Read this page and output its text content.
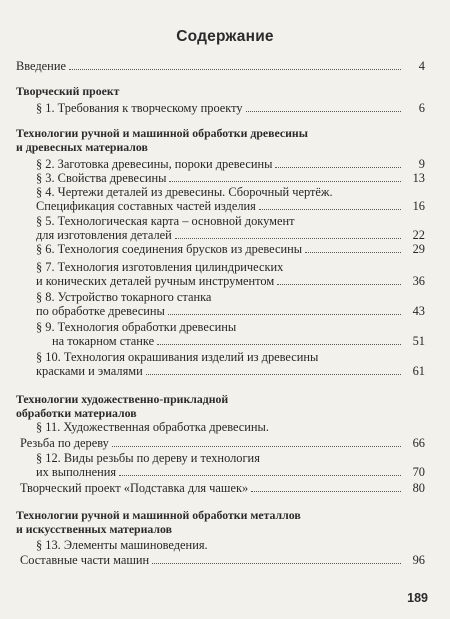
Содержание
Введение	4
Творческий проект
§ 1. Требования к творческому проекту	6
Технологии ручной и машинной обработки древесины
и древесных материалов
§ 2. Заготовка древесины, пороки древесины	9
§ 3. Свойства древесины	13
§ 4. Чертежи деталей из древесины. Сборочный чертёж.
Спецификация составных частей изделия	16
§ 5. Технологическая карта – основной документ
для изготовления деталей	22
§ 6. Технология соединения брусков из древесины	29
§ 7. Технология изготовления цилиндрических
и конических деталей ручным инструментом	36
§ 8. Устройство токарного станка
по обработке древесины	43
§ 9. Технология обработки древесины
на токарном станке	51
§ 10. Технология окрашивания изделий из древесины
красками и эмалями	61
Технологии художественно-прикладной
обработки материалов
§ 11. Художественная обработка древесины.
Резьба по дереву	66
§ 12. Виды резьбы по дереву и технология
их выполнения	70
Творческий проект «Подставка для чашек»	80
Технологии ручной и машинной обработки металлов
и искусственных материалов
§ 13. Элементы машиноведения.
Составные части машин	96
189
